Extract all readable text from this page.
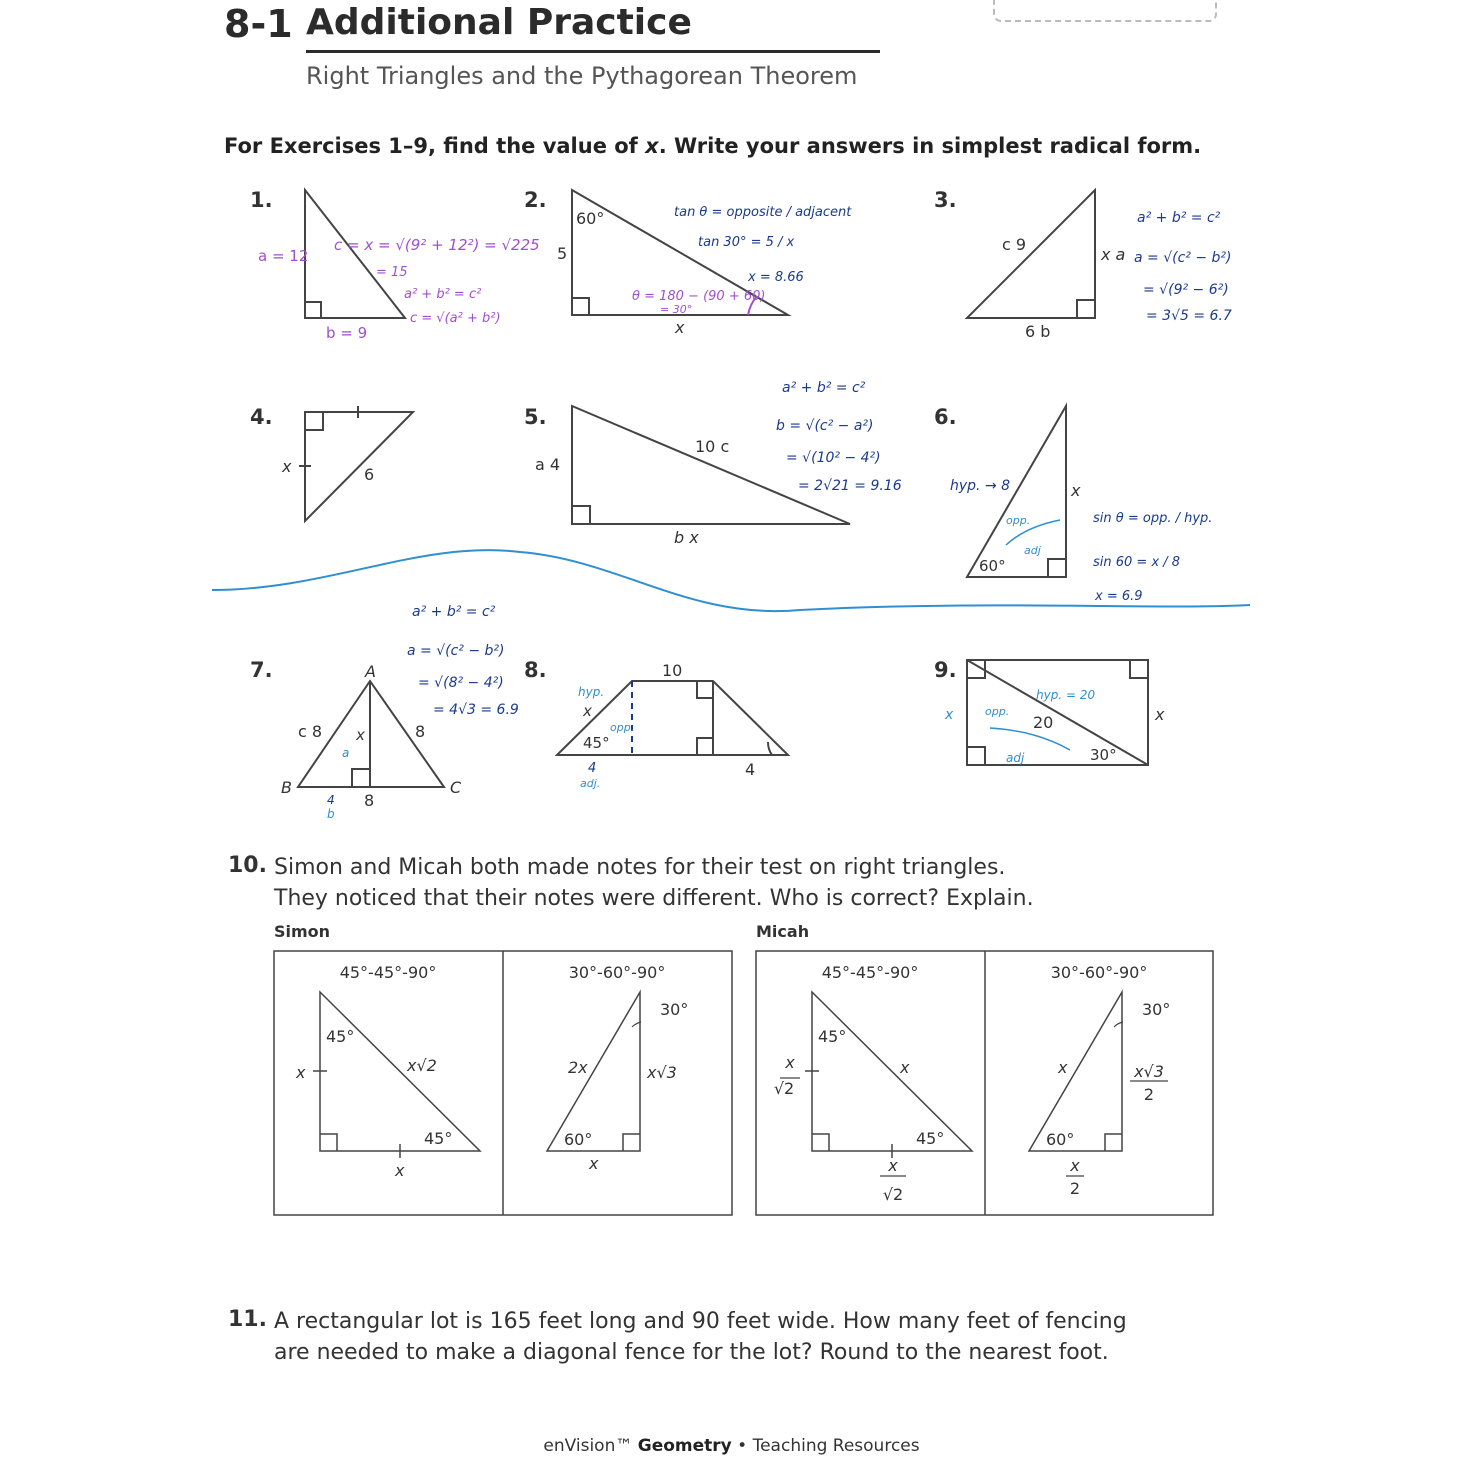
8-1 Additional Practice
Right Triangles and the Pythagorean Theorem
For Exercises 1–9, find the value of x. Write your answers in simplest radical form.
1.	2.	3.
4.	5.	6.
7.	8.	9.
a = 12
b = 9
c = x = √(9² + 12²) = √225
= 15
a² + b² = c²
c = √(a² + b²)
60°
5
x
tan θ = opposite / adjacent
tan 30° = 5 / x
x = 8.66
θ = 180 − (90 + 60)
= 30°
c 9
x a
6 b
a² + b² = c²
a = √(c² − b²)
= √(9² − 6²)
= 3√5 = 6.7
x	6
a 4
10 c
b x
a² + b² = c²
b = √(c² − a²)
= √(10² − 4²)
= 2√21 = 9.16	hyp. → 8	x
60°
opp.
adj
sin θ = opp. / hyp.
sin 60 = x / 8
x = 6.9
A
B	C
c 8	8
x
a
8
4
b
a² + b² = c²
a = √(c² − b²)
= √(8² − 4²)
= 4√3 = 6.9
10
4
45°
hyp.
x
opp.
4
adj.
20	x
30°
hyp. = 20
opp.
adj
x
10. Simon and Micah both made notes for their test on right triangles.
They noticed that their notes were different. Who is correct? Explain.
Simon	Micah
45°-45°-90°
45°
45°
x
x
x√2
30°-60°-90°
30°
60°
2x	x√3
x
45°-45°-90°
45°
45°
x
x
√2
x
√2
30°-60°-90°
30°
60°
x	x√3
2
x
2
11. A rectangular lot is 165 feet long and 90 feet wide. How many feet of fencing
are needed to make a diagonal fence for the lot? Round to the nearest foot.
enVision™ Geometry • Teaching Resources
